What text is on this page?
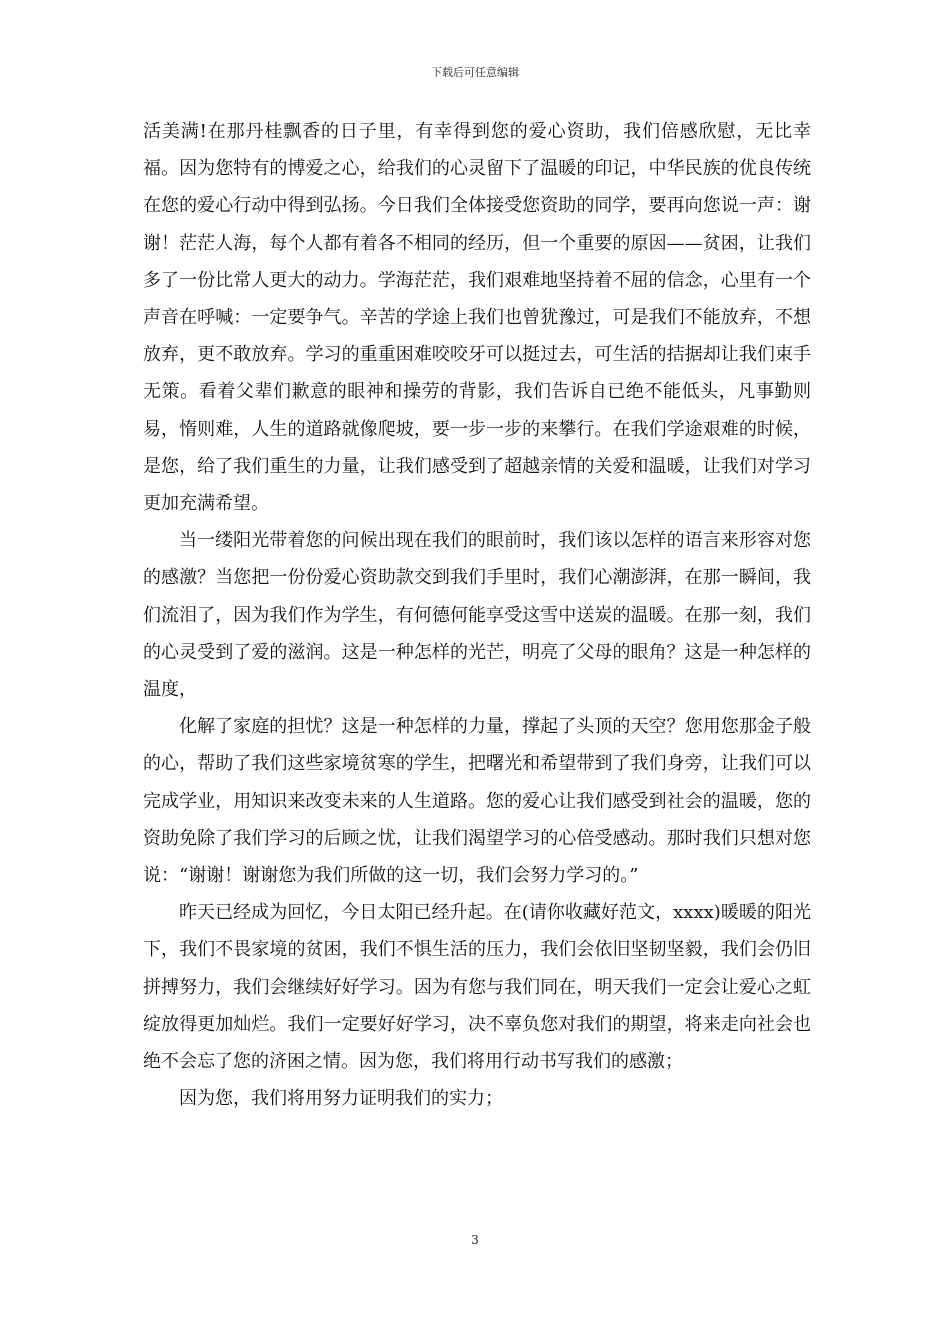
下载后可任意编辑

活美满!在那丹桂飘香的日子里，有幸得到您的爱心资助，我们倍感欣慰，无比幸福。因为您特有的博爱之心，给我们的心灵留下了温暖的印记，中华民族的优良传统在您的爱心行动中得到弘扬。今日我们全体接受您资助的同学，要再向您说一声：谢谢！茫茫人海，每个人都有着各不相同的经历，但一个重要的原因——贫困，让我们多了一份比常人更大的动力。学海茫茫，我们艰难地坚持着不屈的信念，心里有一个声音在呼喊：一定要争气。辛苦的学途上我们也曾犹豫过，可是我们不能放弃，不想放弃，更不敢放弃。学习的重重困难咬咬牙可以挺过去，可生活的拮据却让我们束手无策。看着父辈们歉意的眼神和操劳的背影，我们告诉自已绝不能低头，凡事勤则易，惰则难，人生的道路就像爬坡，要一步一步的来攀行。在我们学途艰难的时候，是您，给了我们重生的力量，让我们感受到了超越亲情的关爱和温暖，让我们对学习更加充满希望。

当一缕阳光带着您的问候出现在我们的眼前时，我们该以怎样的语言来形容对您的感激？当您把一份份爱心资助款交到我们手里时，我们心潮澎湃，在那一瞬间，我们流泪了，因为我们作为学生，有何德何能享受这雪中送炭的温暖。在那一刻，我们的心灵受到了爱的滋润。这是一种怎样的光芒，明亮了父母的眼角？这是一种怎样的温度，

化解了家庭的担忧？这是一种怎样的力量，撑起了头顶的天空？您用您那金子般的心，帮助了我们这些家境贫寒的学生，把曙光和希望带到了我们身旁，让我们可以完成学业，用知识来改变未来的人生道路。您的爱心让我们感受到社会的温暖，您的资助免除了我们学习的后顾之忧，让我们渴望学习的心倍受感动。那时我们只想对您说：“谢谢！谢谢您为我们所做的这一切，我们会努力学习的。”

昨天已经成为回忆，今日太阳已经升起。在(请你收藏好范文，xxxx)暖暖的阳光下，我们不畏家境的贫困，我们不惧生活的压力，我们会依旧坚韧坚毅，我们会仍旧拼搏努力，我们会继续好好学习。因为有您与我们同在，明天我们一定会让爱心之虹绽放得更加灿烂。我们一定要好好学习，决不辜负您对我们的期望，将来走向社会也绝不会忘了您的济困之情。因为您，我们将用行动书写我们的感激；

因为您，我们将用努力证明我们的实力；

3
